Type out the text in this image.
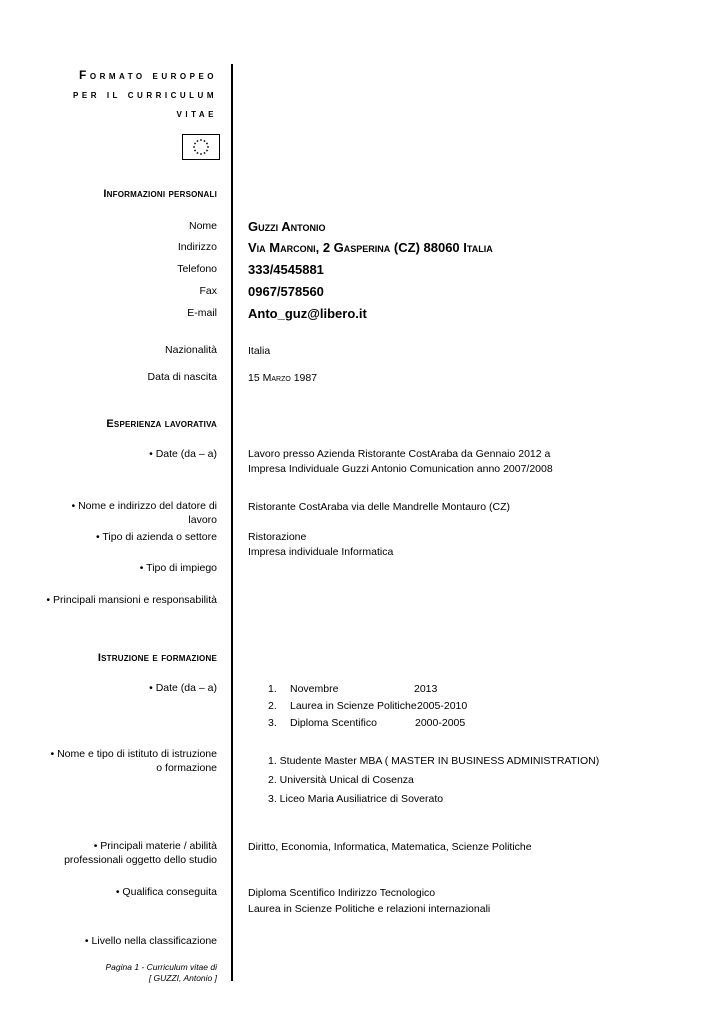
Formato europeo
per il curriculum
vitae
Informazioni personali
Nome Guzzi Antonio
Indirizzo Via Marconi, 2 Gasperina (CZ) 88060 Italia
Telefono 333/4545881
Fax 0967/578560
E-mail Anto_guz@libero.it
Nazionalità	Italia
Data di nascita	15 Marzo 1987
Esperienza lavorativa
• Date (da – a)	Lavoro presso Azienda Ristorante CostAraba da Gennaio 2012 a
Impresa Individuale Guzzi Antonio Comunication anno 2007/2008
• Nome e indirizzo del datore di
lavoro
Ristorante CostAraba via delle Mandrelle Montauro (CZ)
• Tipo di azienda o settore	Ristorazione
Impresa individuale Informatica
• Tipo di impiego
• Principali mansioni e responsabilità
Istruzione e formazione
• Date (da – a)	1. Novembre	2013
2. Laurea in Scienze Politiche 2005-2010
3. Diploma Scentifico	2000-2005
• Nome e tipo di istituto di istruzione
o formazione
1. Studente Master MBA ( MASTER IN BUSINESS ADMINISTRATION)
2. Università Unical di Cosenza
3. Liceo Maria Ausiliatrice di Soverato
• Principali materie / abilità
professionali oggetto dello studio
Diritto, Economia, Informatica, Matematica, Scienze Politiche
• Qualifica conseguita	Diploma Scentifico Indirizzo Tecnologico
Laurea in Scienze Politiche e relazioni internazionali
• Livello nella classificazione
Pagina 1 - Curriculum vitae di
[ GUZZI, Antonio ]
